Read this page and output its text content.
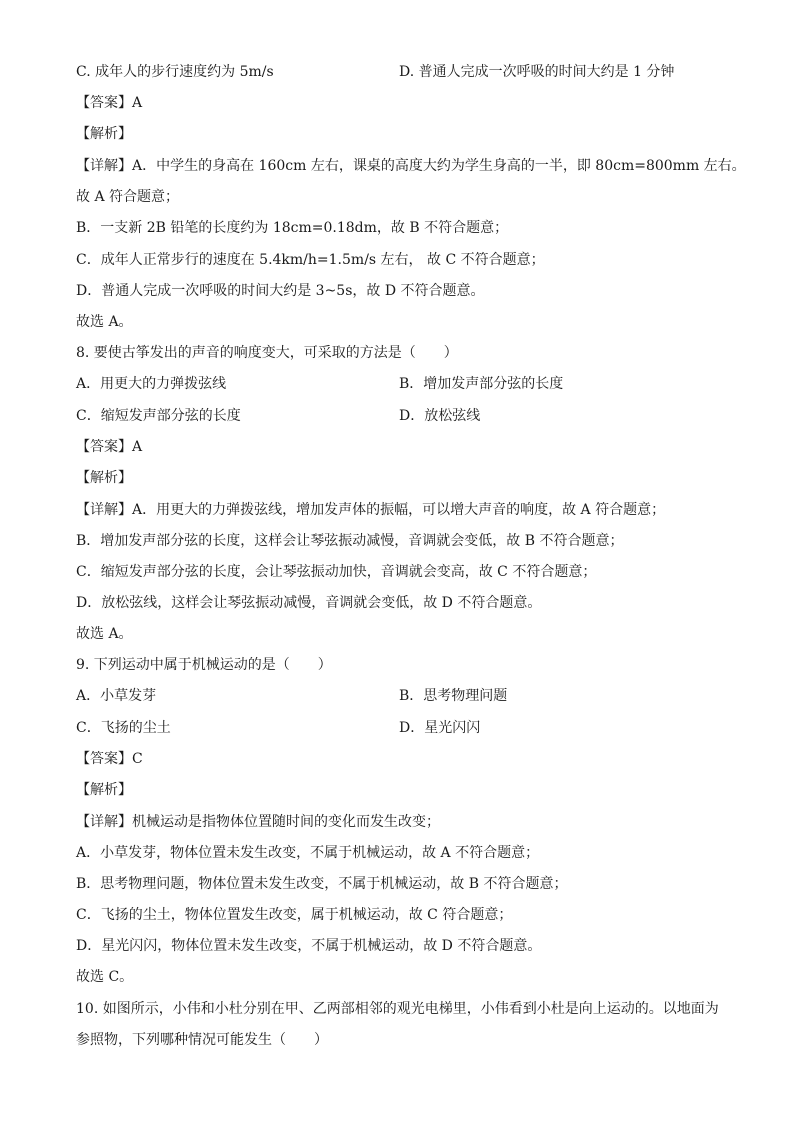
C. 成年人的步行速度约为 5m/s	D. 普通人完成一次呼吸的时间大约是 1 分钟
【答案】A
【解析】
【详解】A．中学生的身高在 160cm 左右，课桌的高度大约为学生身高的一半，即 80cm=800mm 左右。
故 A 符合题意；
B．一支新 2B 铅笔的长度约为 18cm=0.18dm，故 B 不符合题意；
C．成年人正常步行的速度在 5.4km/h=1.5m/s 左右， 故 C 不符合题意；
D．普通人完成一次呼吸的时间大约是 3~5s，故 D 不符合题意。
故选 A。
8. 要使古筝发出的声音的响度变大，可采取的方法是（　　）
A．用更大的力弹拨弦线	B．增加发声部分弦的长度
C．缩短发声部分弦的长度	D．放松弦线
【答案】A
【解析】
【详解】A．用更大的力弹拨弦线，增加发声体的振幅，可以增大声音的响度，故 A 符合题意；
B．增加发声部分弦的长度，这样会让琴弦振动减慢，音调就会变低，故 B 不符合题意；
C．缩短发声部分弦的长度，会让琴弦振动加快，音调就会变高，故 C 不符合题意；
D．放松弦线，这样会让琴弦振动减慢，音调就会变低，故 D 不符合题意。
故选 A。
9. 下列运动中属于机械运动的是（　　）
A．小草发芽	B．思考物理问题
C．飞扬的尘土	D．星光闪闪
【答案】C
【解析】
【详解】机械运动是指物体位置随时间的变化而发生改变；
A．小草发芽，物体位置未发生改变，不属于机械运动，故 A 不符合题意；
B．思考物理问题，物体位置未发生改变，不属于机械运动，故 B 不符合题意；
C．飞扬的尘土，物体位置发生改变，属于机械运动，故 C 符合题意；
D．星光闪闪，物体位置未发生改变，不属于机械运动，故 D 不符合题意。
故选 C。
10. 如图所示，小伟和小杜分别在甲、乙两部相邻的观光电梯里，小伟看到小杜是向上运动的。以地面为
参照物，下列哪种情况可能发生（　　）
